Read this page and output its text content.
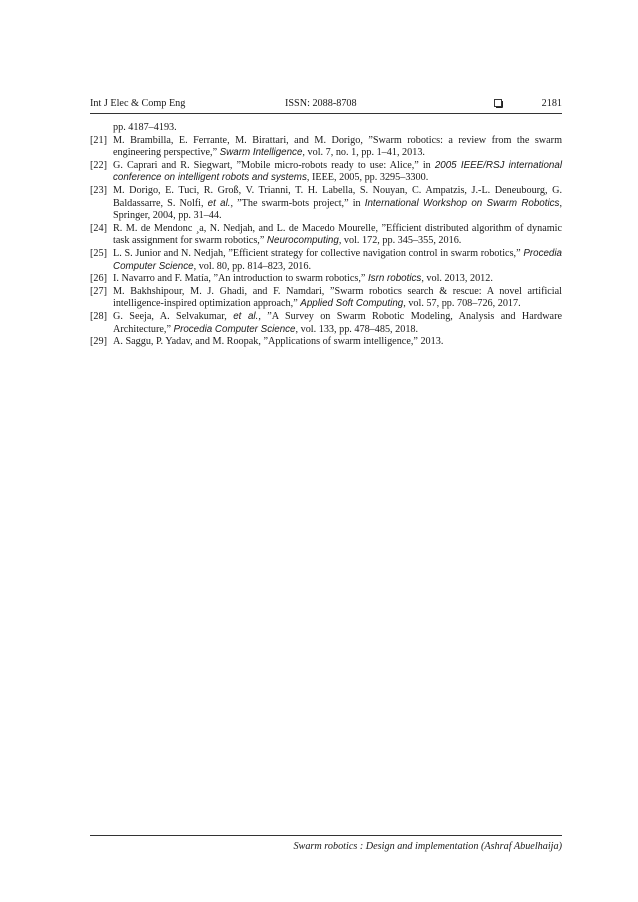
Int J Elec & Comp Eng	ISSN: 2088-8708	2181
pp. 4187–4193.
[21] M. Brambilla, E. Ferrante, M. Birattari, and M. Dorigo, ”Swarm robotics: a review from the swarm engineering perspective,” Swarm Intelligence, vol. 7, no. 1, pp. 1–41, 2013.
[22] G. Caprari and R. Siegwart, ”Mobile micro-robots ready to use: Alice,” in 2005 IEEE/RSJ international conference on intelligent robots and systems, IEEE, 2005, pp. 3295–3300.
[23] M. Dorigo, E. Tuci, R. Groß, V. Trianni, T. H. Labella, S. Nouyan, C. Ampatzis, J.-L. Deneubourg, G. Baldassarre, S. Nolfi, et al., ”The swarm-bots project,” in International Workshop on Swarm Robotics, Springer, 2004, pp. 31–44.
[24] R. M. de Mendonc ¸a, N. Nedjah, and L. de Macedo Mourelle, ”Efficient distributed algorithm of dynamic task assignment for swarm robotics,” Neurocomputing, vol. 172, pp. 345–355, 2016.
[25] L. S. Junior and N. Nedjah, ”Efficient strategy for collective navigation control in swarm robotics,” Procedia Computer Science, vol. 80, pp. 814–823, 2016.
[26] I. Navarro and F. Matía, ”An introduction to swarm robotics,” Isrn robotics, vol. 2013, 2012.
[27] M. Bakhshipour, M. J. Ghadi, and F. Namdari, ”Swarm robotics search & rescue: A novel artificial intelligence-inspired optimization approach,” Applied Soft Computing, vol. 57, pp. 708–726, 2017.
[28] G. Seeja, A. Selvakumar, et al., ”A Survey on Swarm Robotic Modeling, Analysis and Hardware Architecture,” Procedia Computer Science, vol. 133, pp. 478–485, 2018.
[29] A. Saggu, P. Yadav, and M. Roopak, ”Applications of swarm intelligence,” 2013.
Swarm robotics : Design and implementation (Ashraf Abuelhaija)
